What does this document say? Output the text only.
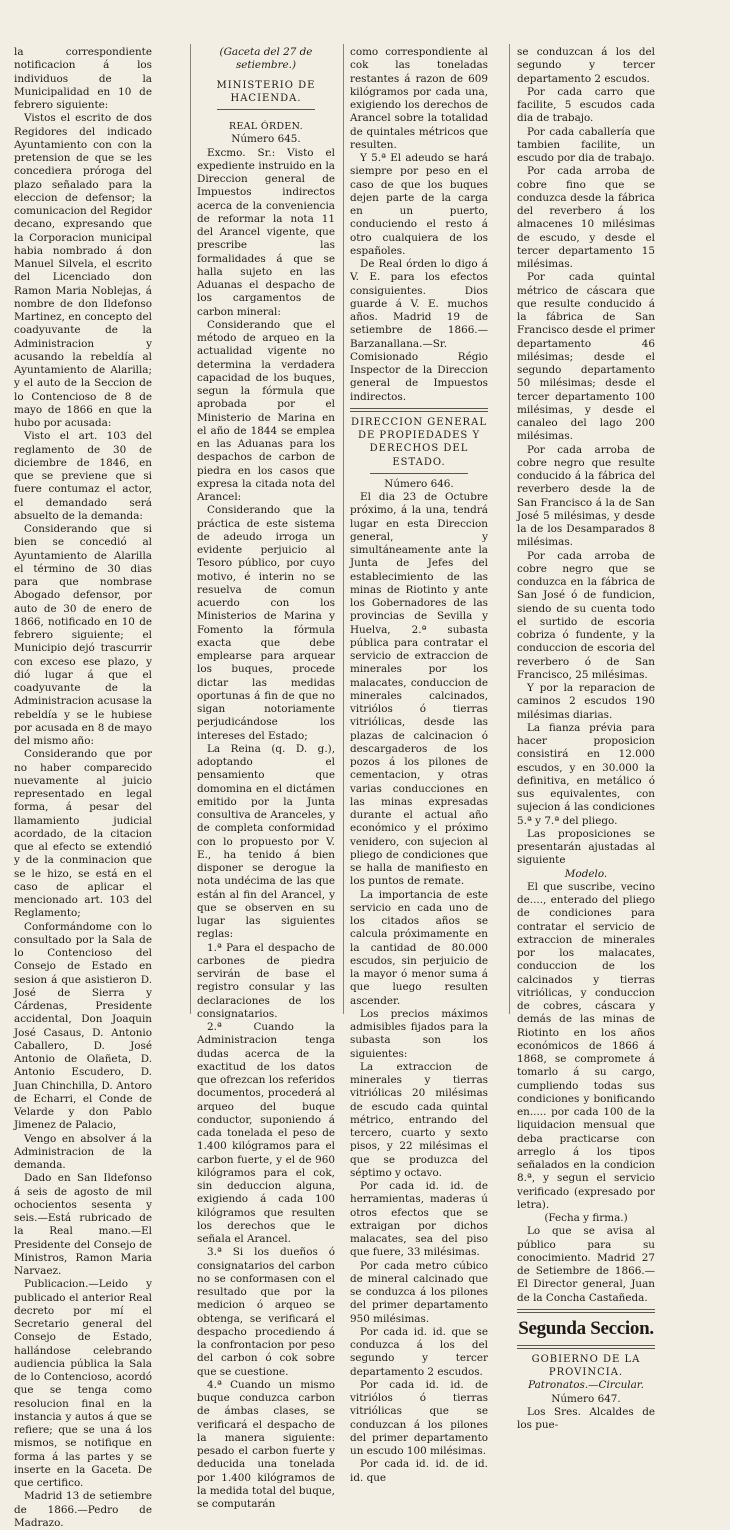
la correspondiente notificacion á los individuos de la Municipalidad en 10 de febrero siguiente:

Vistos el escrito de dos Regidores del indicado Ayuntamiento con con la pretension de que se les concediera próroga del plazo señalado para la eleccion de defensor; la comunicacion del Regidor decano, expresando que la Corporacion municipal habia nombrado á don Manuel Silvela, el escrito del Licenciado don Ramon Maria Noblejas, á nombre de don Ildefonso Martinez, en concepto del coadyuvante de la Administracion y acusando la rebeldía al Ayuntamiento de Alarilla; y el auto de la Seccion de lo Contencioso de 8 de mayo de 1866 en que la hubo por acusada:

Visto el art. 103 del reglamento de 30 de diciembre de 1846, en que se previene que si fuere contumaz el actor, el demandado será absuelto de la demanda:

Considerando que si bien se concedió al Ayuntamiento de Alarilla el término de 30 dias para que nombrase Abogado defensor, por auto de 30 de enero de 1866, notificado en 10 de febrero siguiente; el Municipio dejó trascurrir con exceso ese plazo, y dió lugar á que el coadyuvante de la Administracion acusase la rebeldía y se le hubiese por acusada en 8 de mayo del mismo año:

Considerando que por no haber comparecido nuevamente al juicio representado en legal forma, á pesar del llamamiento judicial acordado, de la citacion que al efecto se extendió y de la conminacion que se le hizo, se está en el caso de aplicar el mencionado art. 103 del Reglamento;

Conformándome con lo consultado por la Sala de lo Contencioso del Consejo de Estado en sesion á que asistieron D. José de Sierra y Cárdenas, Presidente accidental, Don Joaquin José Casaus, D. Antonio Caballero, D. José Antonio de Olañeta, D. Antonio Escudero, D. Juan Chinchilla, D. Antoro de Echarri, el Conde de Velarde y don Pablo Jimenez de Palacio,

Vengo en absolver á la Administracion de la demanda.

Dado en San Ildefonso á seis de agosto de mil ochocientos sesenta y seis.—Está rubricado de la Real mano.—El Presidente del Consejo de Ministros, Ramon Maria Narvaez.

Publicacion.—Leido y publicado el anterior Real decreto por mí el Secretario general del Consejo de Estado, hallándose celebrando audiencia pública la Sala de lo Contencioso, acordó que se tenga como resolucion final en la instancia y autos á que se refiere; que se una á los mismos, se notifique en forma á las partes y se inserte en la Gaceta. De que certifico.

Madrid 13 de setiembre de 1866.—Pedro de Madrazo.

(Gaceta del 27 de setiembre.)

MINISTERIO DE HACIENDA.

REAL ÓRDEN.

Número 645.

Excmo. Sr.: Visto el expediente instruido en la Direccion general de Impuestos indirectos acerca de la conveniencia de reformar la nota 11 del Arancel vigente, que prescribe las formalidades á que se halla sujeto en las Aduanas el despacho de los cargamentos de carbon mineral:

Considerando que el método de arqueo en la actualidad vigente no determina la verdadera capacidad de los buques, segun la fórmula que aprobada por el Ministerio de Marina en el año de 1844 se emplea en las Aduanas para los despachos de carbon de piedra en los casos que expresa la citada nota del Arancel:

Considerando que la práctica de este sistema de adeudo irroga un evidente perjuicio al Tesoro público, por cuyo motivo, é interin no se resuelva de comun acuerdo con los Ministerios de Marina y Fomento la fórmula exacta que debe emplearse para arquear los buques, procede dictar las medidas oportunas á fin de que no sigan notoriamente perjudicándose los intereses del Estado;

La Reina (q. D. g.), adoptando el pensamiento que domomina en el dictámen emitido por la Junta consultiva de Aranceles, y de completa conformidad con lo propuesto por V. E., ha tenido á bien disponer se derogue la nota undécima de las que están al fin del Arancel, y que se observen en su lugar las siguientes reglas:

1.ª Para el despacho de carbones de piedra servirán de base el registro consular y las declaraciones de los consignatarios.

2.ª Cuando la Administracion tenga dudas acerca de la exactitud de los datos que ofrezcan los referidos documentos, procederá al arqueo del buque conductor, suponiendo á cada tonelada el peso de 1.400 kilógramos para el carbon fuerte, y el de 960 kilógramos para el cok, sin deduccion alguna, exigiendo á cada 100 kilógramos que resulten los derechos que le señala el Arancel.

3.ª Si los dueños ó consignatarios del carbon no se conformasen con el resultado que por la medicion ó arqueo se obtenga, se verificará el despacho procediendo á la confrontacion por peso del carbon ó cok sobre que se cuestione.

4.ª Cuando un mismo buque conduzca carbon de ámbas clases, se verificará el despacho de la manera siguiente: pesado el carbon fuerte y deducida una tonelada por 1.400 kilógramos de la medida total del buque, se computarán

como correspondiente al cok las toneladas restantes á razon de 609 kilógramos por cada una, exigiendo los derechos de Arancel sobre la totalidad de quintales métricos que resulten.

Y 5.ª El adeudo se hará siempre por peso en el caso de que los buques dejen parte de la carga en un puerto, conduciendo el resto á otro cualquiera de los españoles.

De Real órden lo digo á V. E. para los efectos consiguientes. Dios guarde á V. E. muchos años. Madrid 19 de setiembre de 1866.—Barzanallana.—Sr. Comisionado Régio Inspector de la Direccion general de Impuestos indirectos.

DIRECCION GENERAL DE PROPIEDADES Y DERECHOS DEL ESTADO.

Número 646.

El dia 23 de Octubre próximo, á la una, tendrá lugar en esta Direccion general, y simultáneamente ante la Junta de Jefes del establecimiento de las minas de Riotinto y ante los Gobernadores de las provincias de Sevilla y Huelva, 2.ª subasta pública para contratar el servicio de extraccion de minerales por los malacates, conduccion de minerales calcinados, vitriólos ó tierras vitriólicas, desde las plazas de calcinacion ó descargaderos de los pozos á los pilones de cementacion, y otras varias conducciones en las minas expresadas durante el actual año económico y el próximo venidero, con sujecion al pliego de condiciones que se halla de manifiesto en los puntos de remate.

La importancia de este servicio en cada uno de los citados años se calcula próximamente en la cantidad de 80.000 escudos, sin perjuicio de la mayor ó menor suma á que luego resulten ascender.

Los precios máximos admisibles fijados para la subasta son los siguientes:

La extraccion de minerales y tierras vitriólicas 20 milésimas de escudo cada quintal métrico, entrando del tercero, cuarto y sexto pisos, y 22 milésimas el que se produzca del séptimo y octavo.

Por cada id. id. de herramientas, maderas ú otros efectos que se extraigan por dichos malacates, sea del piso que fuere, 33 milésimas.

Por cada metro cúbico de mineral calcinado que se conduzca á los pilones del primer departamento 950 milésimas.

Por cada id. id. que se conduzca á los del segundo y tercer departamento 2 escudos.

Por cada id. id. de vitriólos ó tierras vitriólicas que se conduzcan á los pilones del primer departamento un escudo 100 milésimas.

Por cada id. id. de id. id. que

se conduzcan á los del segundo y tercer departamento 2 escudos.

Por cada carro que facilite, 5 escudos cada dia de trabajo.

Por cada caballería que tambien facilite, un escudo por dia de trabajo.

Por cada arroba de cobre fino que se conduzca desde la fábrica del reverbero á los almacenes 10 milésimas de escudo, y desde el tercer departamento 15 milésimas.

Por cada quintal métrico de cáscara que que resulte conducido á la fábrica de San Francisco desde el primer departamento 46 milésimas; desde el segundo departamento 50 milésimas; desde el tercer departamento 100 milésimas, y desde el canaleo del lago 200 milésimas.

Por cada arroba de cobre negro que resulte conducido á la fábrica del reverbero desde la de San Francisco á la de San José 5 milésimas, y desde la de los Desamparados 8 milésimas.

Por cada arroba de cobre negro que se conduzca en la fábrica de San José ó de fundicion, siendo de su cuenta todo el surtido de escoria cobriza ó fundente, y la conduccion de escoria del reverbero ó de San Francisco, 25 milésimas.

Y por la reparacion de caminos 2 escudos 190 milésimas diarias.

La fianza prévia para hacer proposicion consistirá en 12.000 escudos, y en 30.000 la definitiva, en metálico ó sus equivalentes, con sujecion á las condiciones 5.ª y 7.ª del pliego.

Las proposiciones se presentarán ajustadas al siguiente

Modelo.

El que suscribe, vecino de...., enterado del pliego de condiciones para contratar el servicio de extraccion de minerales por los malacates, conduccion de los calcinados y tierras vitriólicas, y conduccion de cobres, cáscara y demás de las minas de Riotinto en los años económicos de 1866 á 1868, se compromete á tomarlo á su cargo, cumpliendo todas sus condiciones y bonificando en..... por cada 100 de la liquidacion mensual que deba practicarse con arreglo á los tipos señalados en la condicion 8.ª, y segun el servicio verificado (expresado por letra).

(Fecha y firma.)

Lo que se avisa al público para su conocimiento. Madrid 27 de Setiembre de 1866.—El Director general, Juan de la Concha Castañeda.

Segunda Seccion.

GOBIERNO DE LA PROVINCIA.

Patronatos.—Circular.

Número 647.

Los Sres. Alcaldes de los pue-
